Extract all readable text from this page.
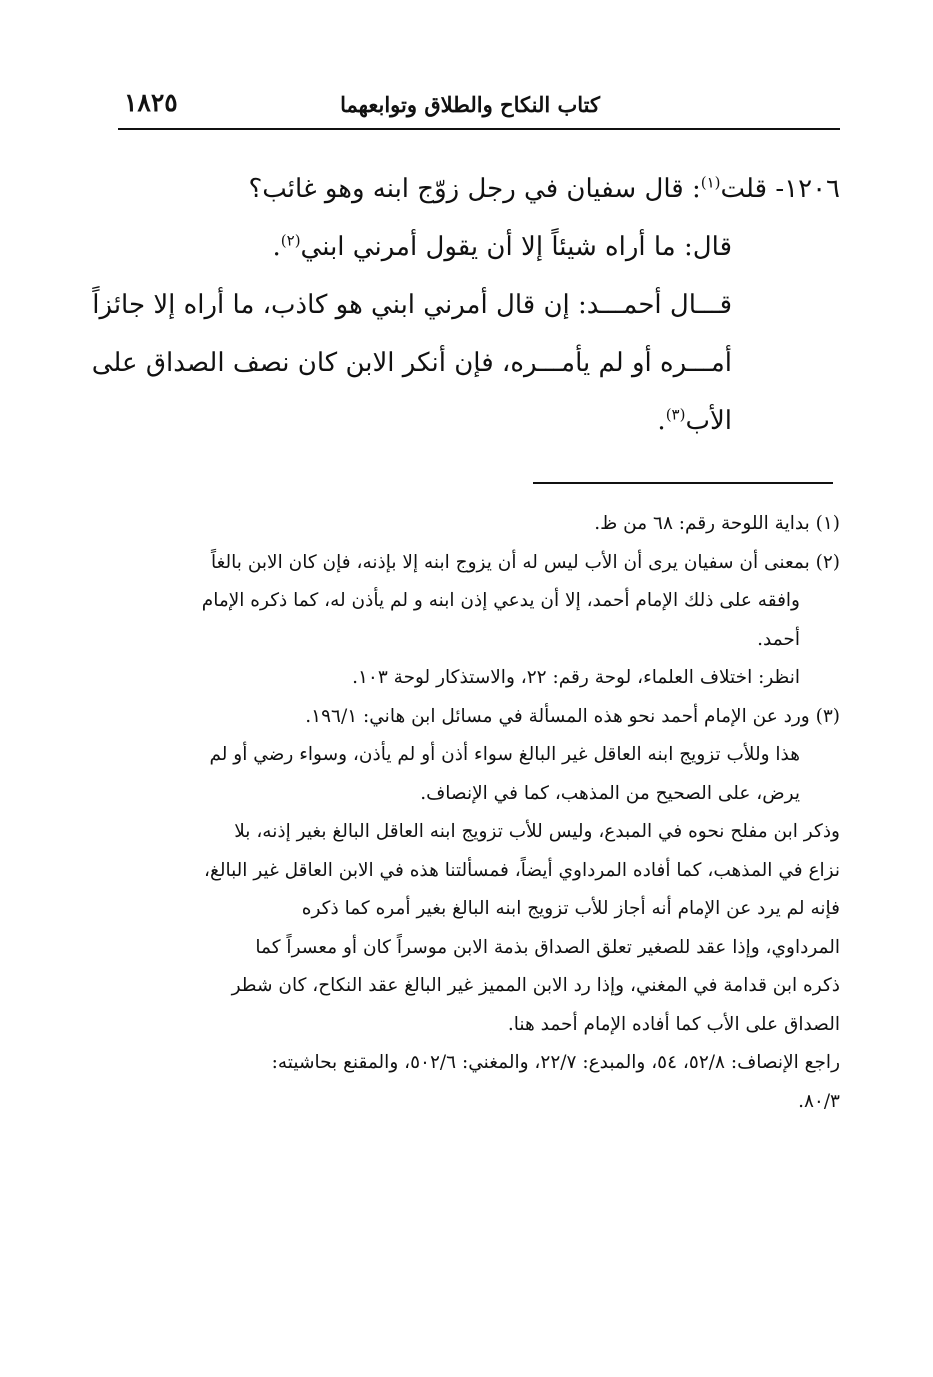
كتاب النكاح والطلاق وتوابعهما
١٨٢٥

١٢٠٦- قلت$^{(١)}$: قال سفيان في رجل زوّج ابنه وهو غائب؟

قال: ما أراه شيئاً إلا أن يقول أمرني ابني$^{(٢)}$.

قـــال أحمـــد: إن قال أمرني ابني هو كاذب، ما أراه إلا جائزاً

أمـــره أو لم يأمـــره، فإن أنكر الابن كان نصف الصداق على

الأب$^{(٣)}$.

(١) بداية اللوحة رقم: ٦٨ من ظ.

(٢) بمعنى أن سفيان يرى أن الأب ليس له أن يزوج ابنه إلا بإذنه، فإن كان الابن بالغاً

وافقه على ذلك الإمام أحمد، إلا أن يدعي إذن ابنه و لم يأذن له، كما ذكره الإمام

أحمد.

انظر: اختلاف العلماء، لوحة رقم: ٢٢، والاستذكار لوحة ١٠٣.

(٣) ورد عن الإمام أحمد نحو هذه المسألة في مسائل ابن هاني: ١٩٦/١.

هذا وللأب تزويج ابنه العاقل غير البالغ سواء أذن أو لم يأذن، وسواء رضي أو لم

يرض، على الصحيح من المذهب، كما في الإنصاف.

وذكر ابن مفلح نحوه في المبدع، وليس للأب تزويج ابنه العاقل البالغ بغير إذنه، بلا

نزاع في المذهب، كما أفاده المرداوي أيضاً، فمسألتنا هذه في الابن العاقل غير البالغ،

فإنه لم يرد عن الإمام أنه أجاز للأب تزويج ابنه البالغ بغير أمره كما ذكره

المرداوي، وإذا عقد للصغير تعلق الصداق بذمة الابن موسراً كان أو معسراً كما

ذكره ابن قدامة في المغني، وإذا رد الابن المميز غير البالغ عقد النكاح، كان شطر

الصداق على الأب كما أفاده الإمام أحمد هنا.

راجع الإنصاف: ٥٢/٨، ٥٤، والمبدع: ٢٢/٧، والمغني: ٥٠٢/٦، والمقنع بحاشيته:

٨٠/٣.
